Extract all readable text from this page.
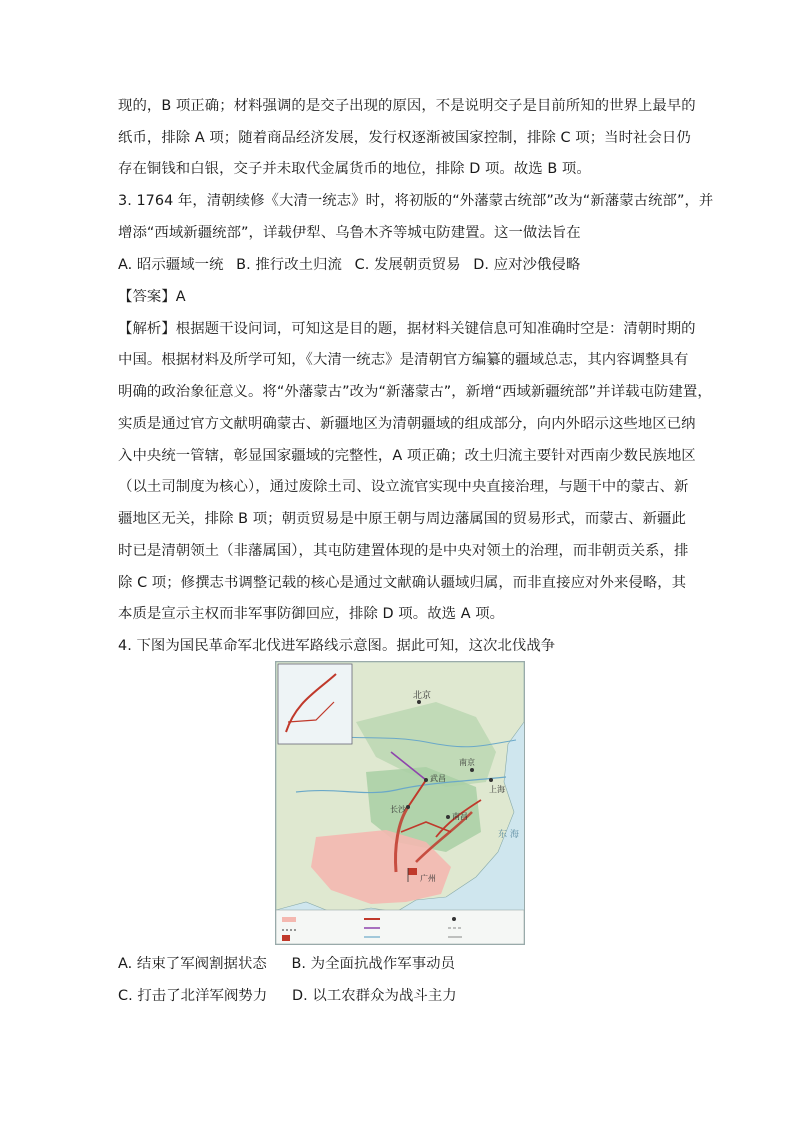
现的，B 项正确；材料强调的是交子出现的原因，不是说明交子是目前所知的世界上最早的
纸币，排除 A 项；随着商品经济发展，发行权逐渐被国家控制，排除 C 项；当时社会日仍
存在铜钱和白银，交子并未取代金属货币的地位，排除 D 项。故选 B 项。
3. 1764 年，清朝续修《大清一统志》时，将初版的“外藩蒙古统部”改为“新藩蒙古统部”，并
增添“西域新疆统部”，详载伊犁、乌鲁木齐等城屯防建置。这一做法旨在
A. 昭示疆域一统 B. 推行改土归流 C. 发展朝贡贸易 D. 应对沙俄侵略
【答案】A
【解析】根据题干设问词，可知这是目的题，据材料关键信息可知准确时空是：清朝时期的
中国。根据材料及所学可知，《大清一统志》是清朝官方编纂的疆域总志，其内容调整具有
明确的政治象征意义。将“外藩蒙古”改为“新藩蒙古”，新增“西域新疆统部”并详载屯防建置，
实质是通过官方文献明确蒙古、新疆地区为清朝疆域的组成部分，向内外昭示这些地区已纳
入中央统一管辖，彰显国家疆域的完整性，A 项正确；改土归流主要针对西南少数民族地区
（以土司制度为核心），通过废除土司、设立流官实现中央直接治理，与题干中的蒙古、新
疆地区无关，排除 B 项；朝贡贸易是中原王朝与周边藩属国的贸易形式，而蒙古、新疆此
时已是清朝领土（非藩属国），其屯防建置体现的是中央对领土的治理，而非朝贡关系，排
除 C 项；修撰志书调整记载的核心是通过文献确认疆域归属，而非直接应对外来侵略，其
本质是宣示主权而非军事防御回应，排除 D 项。故选 A 项。
4. 下图为国民革命军北伐进军路线示意图。据此可知，这次北伐战争
北京
武昌
长沙
南昌
南京
上海
广州
东 海
A. 结束了军阀割据状态 B. 为全面抗战作军事动员
C. 打击了北洋军阀势力 D. 以工农群众为战斗主力
